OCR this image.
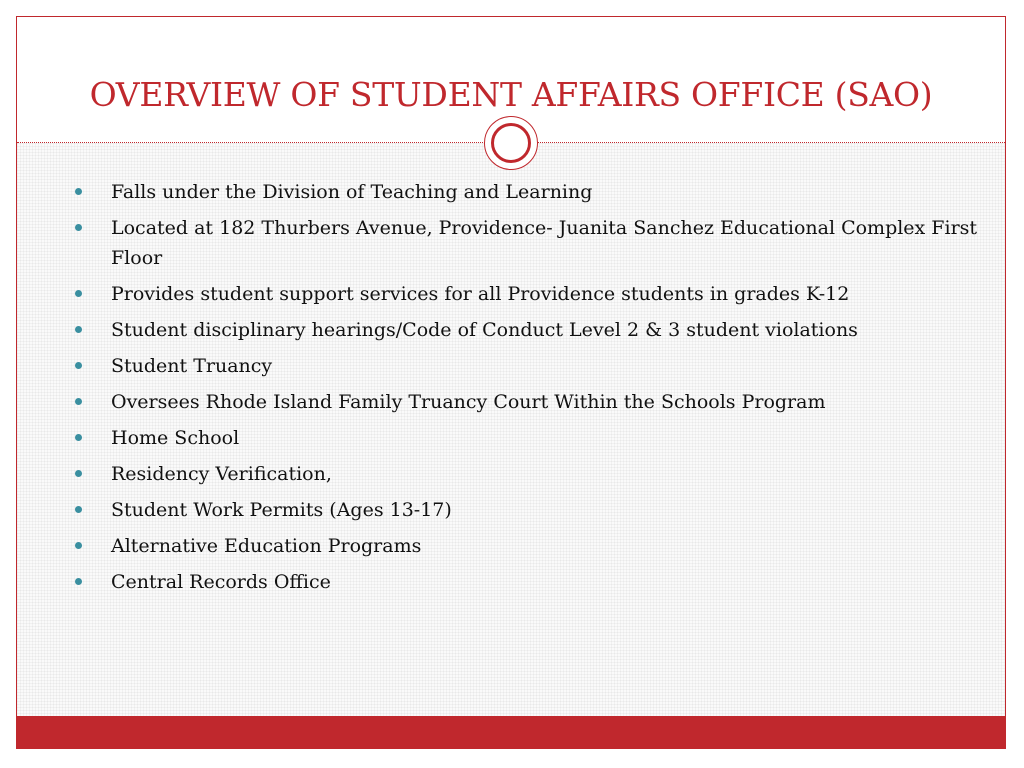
OVERVIEW OF STUDENT AFFAIRS OFFICE (SAO)
Falls under the Division of Teaching and Learning
Located at 182 Thurbers Avenue, Providence- Juanita Sanchez Educational Complex First Floor
Provides student support services for all Providence students in grades K-12
Student disciplinary hearings/Code of Conduct Level 2 & 3 student violations
Student Truancy
Oversees Rhode Island Family Truancy Court Within the Schools Program
Home School
Residency Verification,
Student Work Permits (Ages 13-17)
Alternative Education Programs
Central Records Office
